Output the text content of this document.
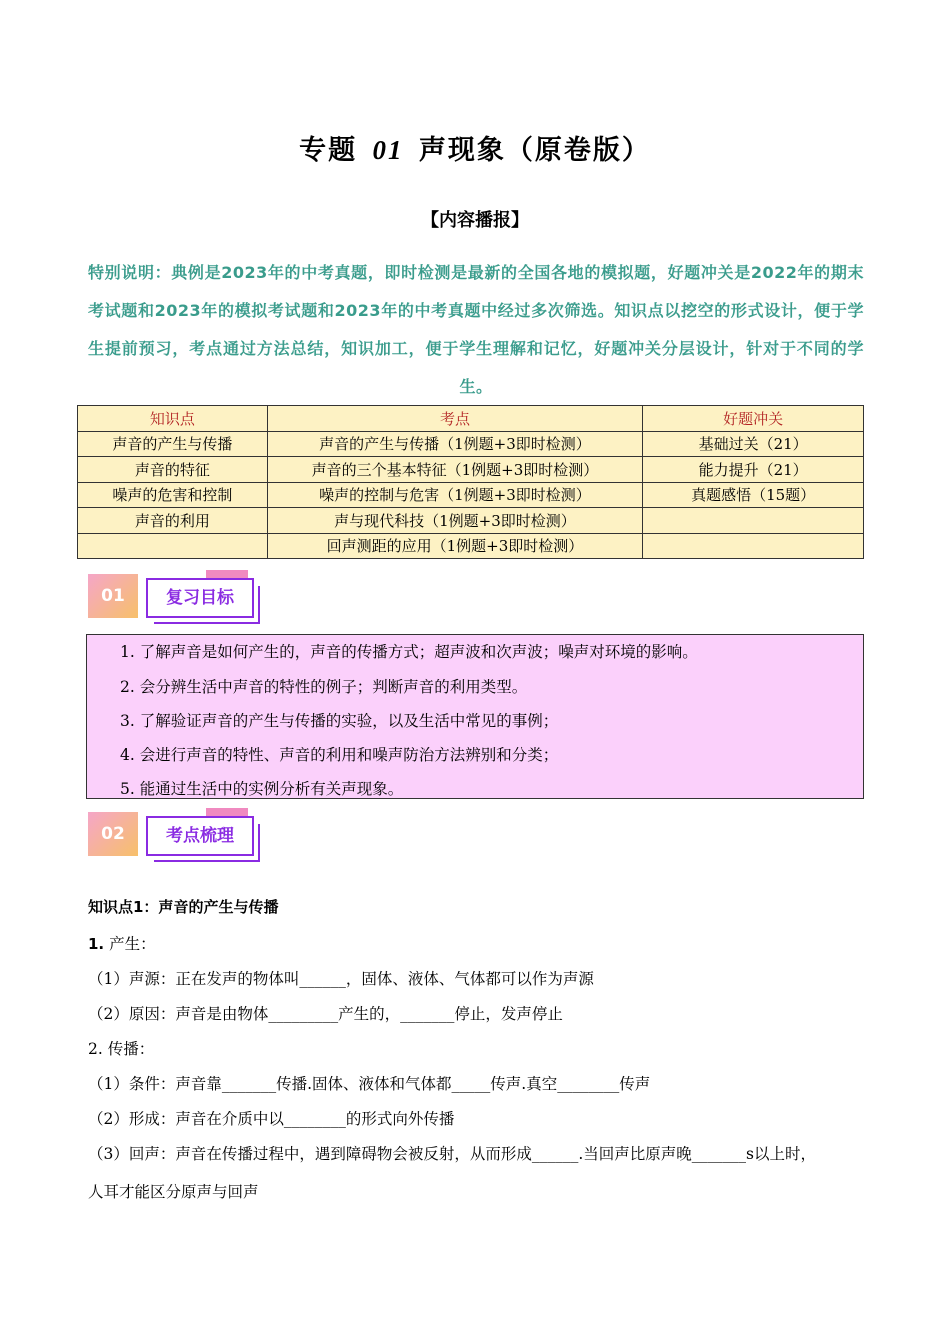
专题 01 声现象（原卷版）
【内容播报】
特别说明：典例是2023年的中考真题，即时检测是最新的全国各地的模拟题，好题冲关是2022年的期末考试题和2023年的模拟考试题和2023年的中考真题中经过多次筛选。知识点以挖空的形式设计，便于学生提前预习，考点通过方法总结，知识加工，便于学生理解和记忆，好题冲关分层设计，针对于不同的学生。
知识点	考点	好题冲关
声音的产生与传播	声音的产生与传播（1例题+3即时检测）	基础过关（21）
声音的特征	声音的三个基本特征（1例题+3即时检测）	能力提升（21）
噪声的危害和控制	噪声的控制与危害（1例题+3即时检测）	真题感悟（15题）
声音的利用	声与现代科技（1例题+3即时检测）	
	回声测距的应用（1例题+3即时检测）	
01	复习目标
1. 了解声音是如何产生的，声音的传播方式；超声波和次声波；噪声对环境的影响。
2. 会分辨生活中声音的特性的例子；判断声音的利用类型。
3. 了解验证声音的产生与传播的实验，以及生活中常见的事例；
4. 会进行声音的特性、声音的利用和噪声防治方法辨别和分类；
5. 能通过生活中的实例分析有关声现象。
02	考点梳理
知识点1：声音的产生与传播
1. 产生：
（1）声源：正在发声的物体叫______，固体、液体、气体都可以作为声源
（2）原因：声音是由物体_________产生的，_______停止，发声停止
2. 传播：
（1）条件：声音靠_______传播.固体、液体和气体都_____传声.真空________传声
（2）形成：声音在介质中以________的形式向外传播
（3）回声：声音在传播过程中，遇到障碍物会被反射，从而形成______.当回声比原声晚_______s以上时，
人耳才能区分原声与回声
